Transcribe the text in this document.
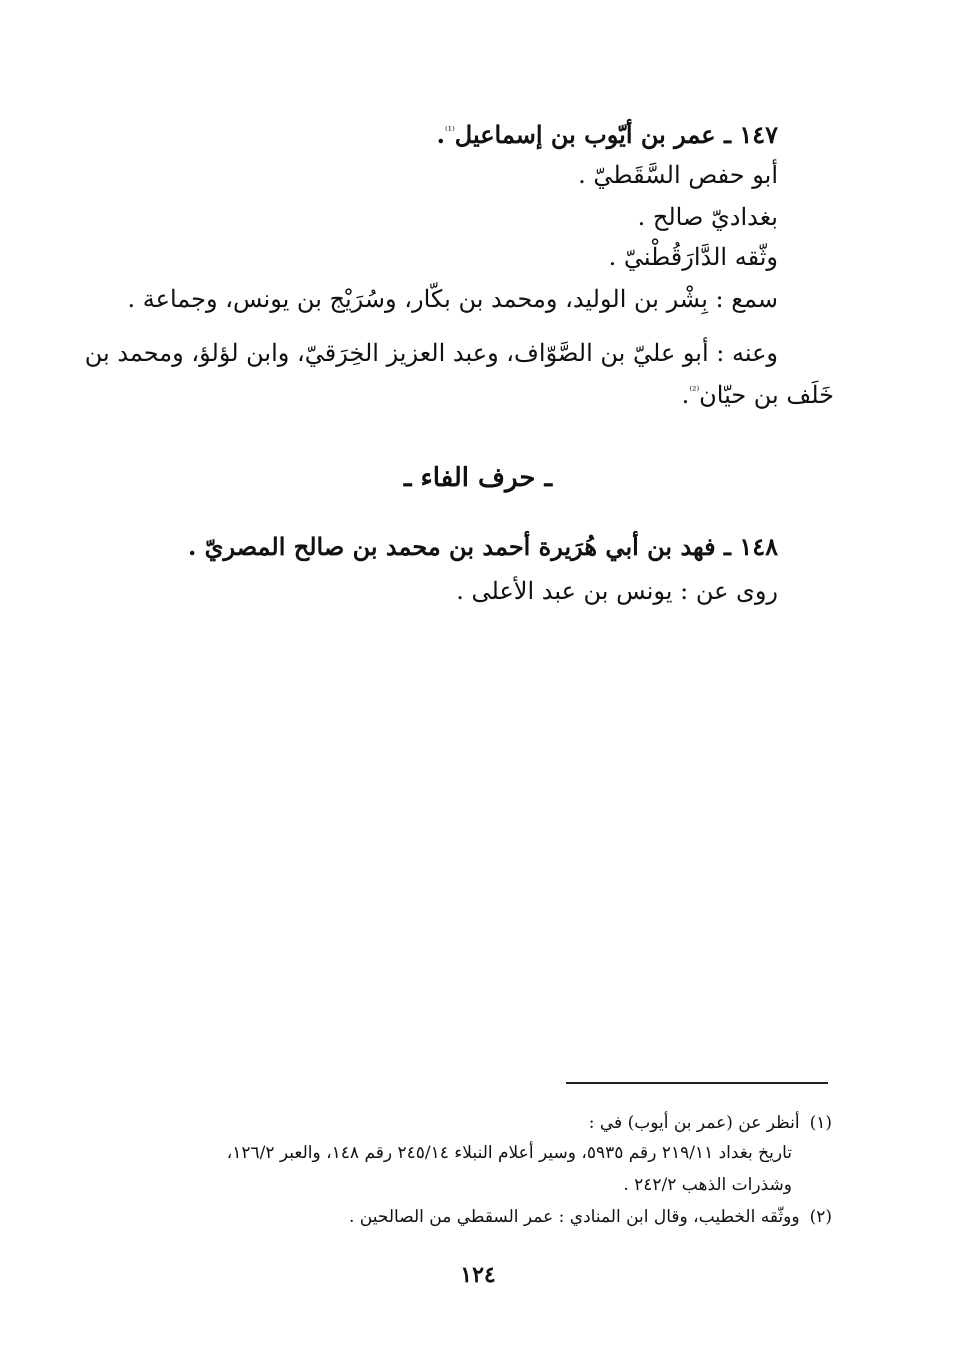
١٤٧ ـ عمر بن أيّوب بن إسماعيل$^{^{(1)}}$.
أبو حفص السَّقَطيّ .
بغداديّ صالح .
وثّقه الدَّارَقُطْنيّ .
سمع : بِشْر بن الوليد، ومحمد بن بكّار، وسُرَيْج بن يونس، وجماعة .
وعنه : أبو عليّ بن الصَّوّاف، وعبد العزيز الخِرَقيّ، وابن لؤلؤ، ومحمد بن
خَلَف بن حيّان$^{^{(2)}}$.
ـ حرف الفاء ـ
١٤٨ ـ فهد بن أبي هُرَيرة أحمد بن محمد بن صالح المصريّ .
روى عن : يونس بن عبد الأعلى .
(١)أنظر عن (عمر بن أيوب) في :
تاريخ بغداد ٢١٩/١١ رقم ٥٩٣٥، وسير أعلام النبلاء ٢٤٥/١٤ رقم ١٤٨، والعبر ١٢٦/٢،
وشذرات الذهب ٢٤٢/٢ .
(٢)ووثّقه الخطيب، وقال ابن المنادي : عمر السقطي من الصالحين .
١٢٤
